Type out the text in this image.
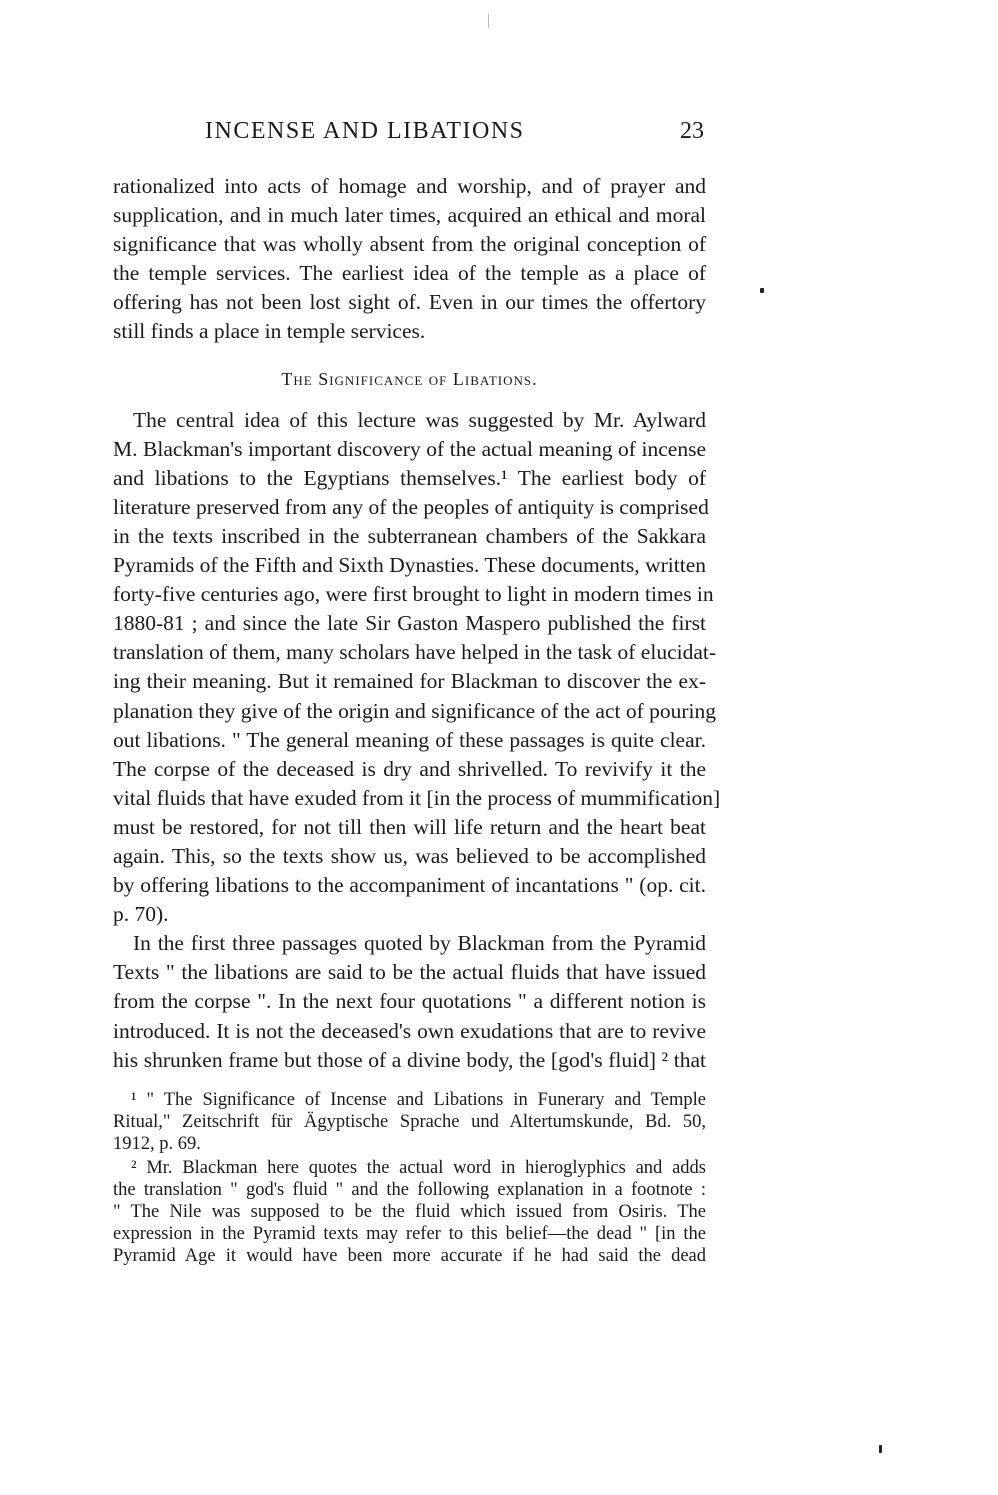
INCENSE AND LIBATIONS	23

rationalized into acts of homage and worship, and of prayer and
supplication, and in much later times, acquired an ethical and moral
significance that was wholly absent from the original conception of
the temple services. The earliest idea of the temple as a place of
offering has not been lost sight of. Even in our times the offertory
still finds a place in temple services.

The Significance of Libations.

The central idea of this lecture was suggested by Mr. Aylward
M. Blackman's important discovery of the actual meaning of incense
and libations to the Egyptians themselves.¹ The earliest body of
literature preserved from any of the peoples of antiquity is comprised
in the texts inscribed in the subterranean chambers of the Sakkara
Pyramids of the Fifth and Sixth Dynasties. These documents, written
forty-five centuries ago, were first brought to light in modern times in
1880-81 ; and since the late Sir Gaston Maspero published the first
translation of them, many scholars have helped in the task of elucidat-
ing their meaning. But it remained for Blackman to discover the ex-
planation they give of the origin and significance of the act of pouring
out libations. " The general meaning of these passages is quite clear.
The corpse of the deceased is dry and shrivelled. To revivify it the
vital fluids that have exuded from it [in the process of mummification]
must be restored, for not till then will life return and the heart beat
again. This, so the texts show us, was believed to be accomplished
by offering libations to the accompaniment of incantations " (op. cit.
p. 70).

In the first three passages quoted by Blackman from the Pyramid
Texts " the libations are said to be the actual fluids that have issued
from the corpse ". In the next four quotations " a different notion is
introduced. It is not the deceased's own exudations that are to revive
his shrunken frame but those of a divine body, the [god's fluid] ² that

¹ " The Significance of Incense and Libations in Funerary and Temple
Ritual," Zeitschrift für Ägyptische Sprache und Altertumskunde, Bd. 50,
1912, p. 69.
² Mr. Blackman here quotes the actual word in hieroglyphics and adds
the translation " god's fluid " and the following explanation in a footnote :
" The Nile was supposed to be the fluid which issued from Osiris. The
expression in the Pyramid texts may refer to this belief—the dead " [in the
Pyramid Age it would have been more accurate if he had said the dead
